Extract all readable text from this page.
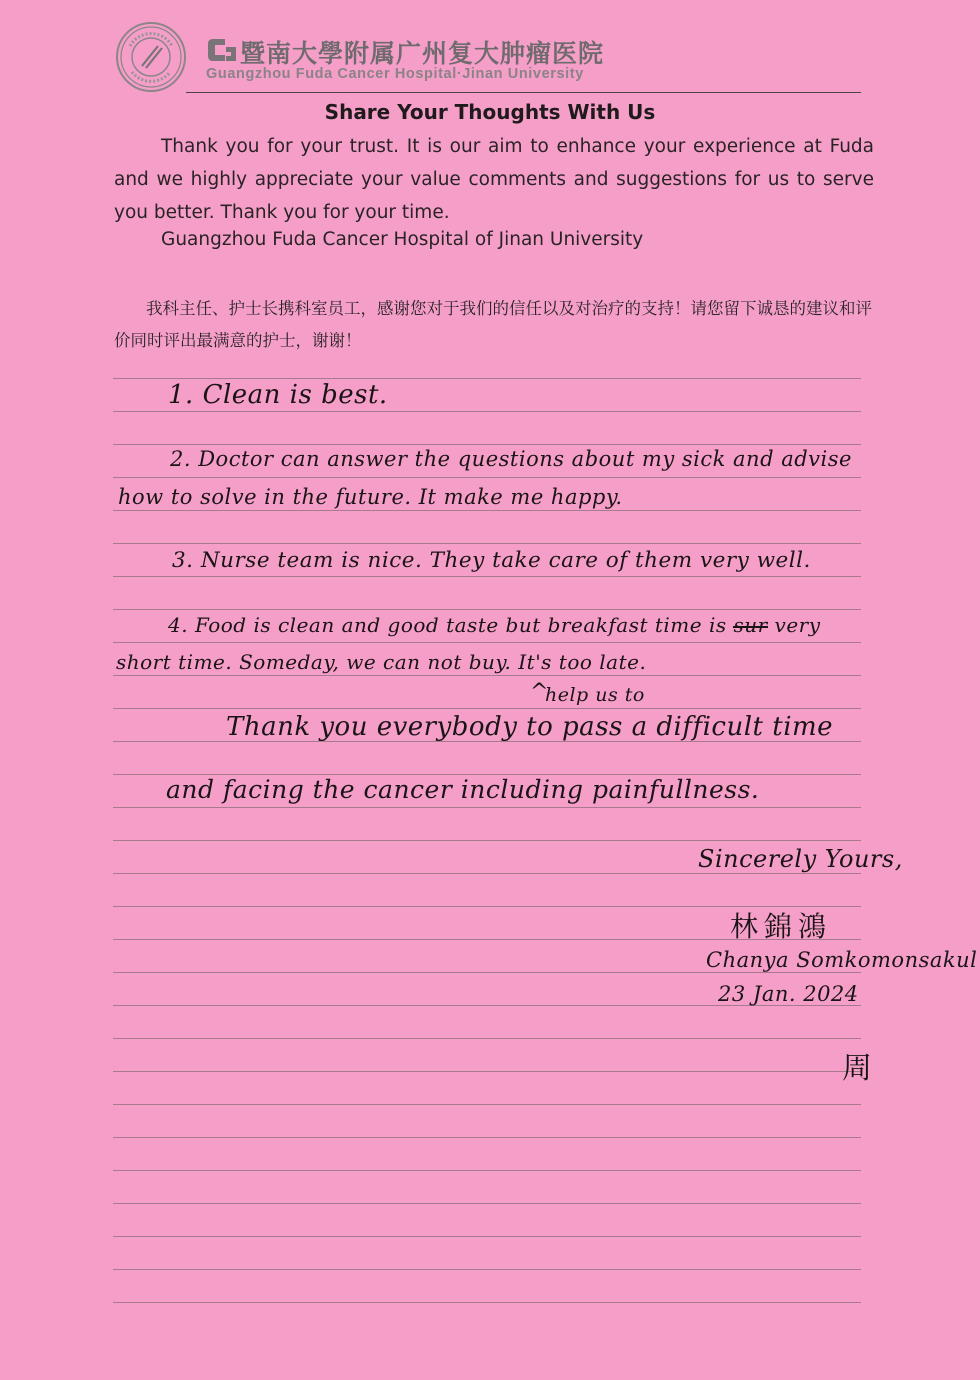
暨南大學附属广州复大肿瘤医院
Guangzhou Fuda Cancer Hospital·Jinan University
Share Your Thoughts With Us
Thank you for your trust. It is our aim to enhance your experience at Fuda and we highly appreciate your value comments and suggestions for us to serve you better. Thank you for your time.
Guangzhou Fuda Cancer Hospital of Jinan University
我科主任、护士长携科室员工，感谢您对于我们的信任以及对治疗的支持！请您留下诚恳的建议和评价同时评出最满意的护士，谢谢！
1. Clean is best.
2. Doctor can answer the questions about my sick and advise
how to solve in the future. It make me happy.
3. Nurse team is nice. They take care of them very well.
4. Food is clean and good taste but breakfast time is sur very
short time. Someday, we can not buy. It's too late.
help us to
^
Thank you everybody to pass a difficult time
and facing the cancer including painfullness.
Sincerely Yours,
林錦鴻
Chanya Somkomonsakul
23 Jan. 2024
周
